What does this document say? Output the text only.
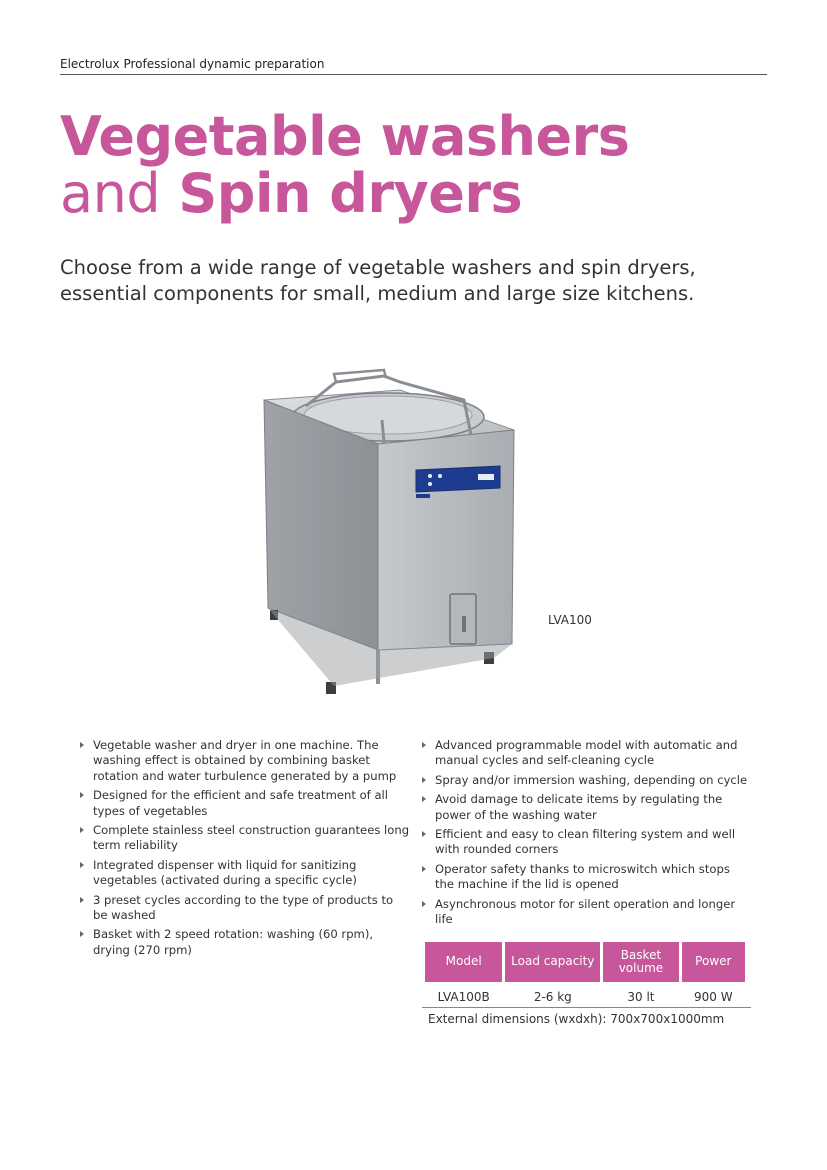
Electrolux Professional dynamic preparation
Vegetable washers
and Spin dryers

Choose from a wide range of vegetable washers and spin dryers, essential components for small, medium and large size kitchens.

LVA100
Vegetable washer and dryer in one machine. The washing effect is obtained by combining basket rotation and water turbulence generated by a pump
Designed for the efficient and safe treatment of all types of vegetables
Complete stainless steel construction guarantees long term reliability
Integrated dispenser with liquid for sanitizing vegetables (activated during a specific cycle)
3 preset cycles according to the type of products to be washed
Basket with 2 speed rotation: washing (60 rpm), drying (270 rpm)
Advanced programmable model with automatic and manual cycles and self-cleaning cycle
Spray and/or immersion washing, depending on cycle
Avoid damage to delicate items by regulating the power of the washing water
Efficient and easy to clean filtering system and well with rounded corners
Operator safety thanks to microswitch which stops the machine if the lid is opened
Asynchronous motor for silent operation and longer life
Model	Load capacity	Basket volume	Power
LVA100B	2-6 kg	30 lt	900 W
External dimensions (wxdxh): 700x700x1000mm
